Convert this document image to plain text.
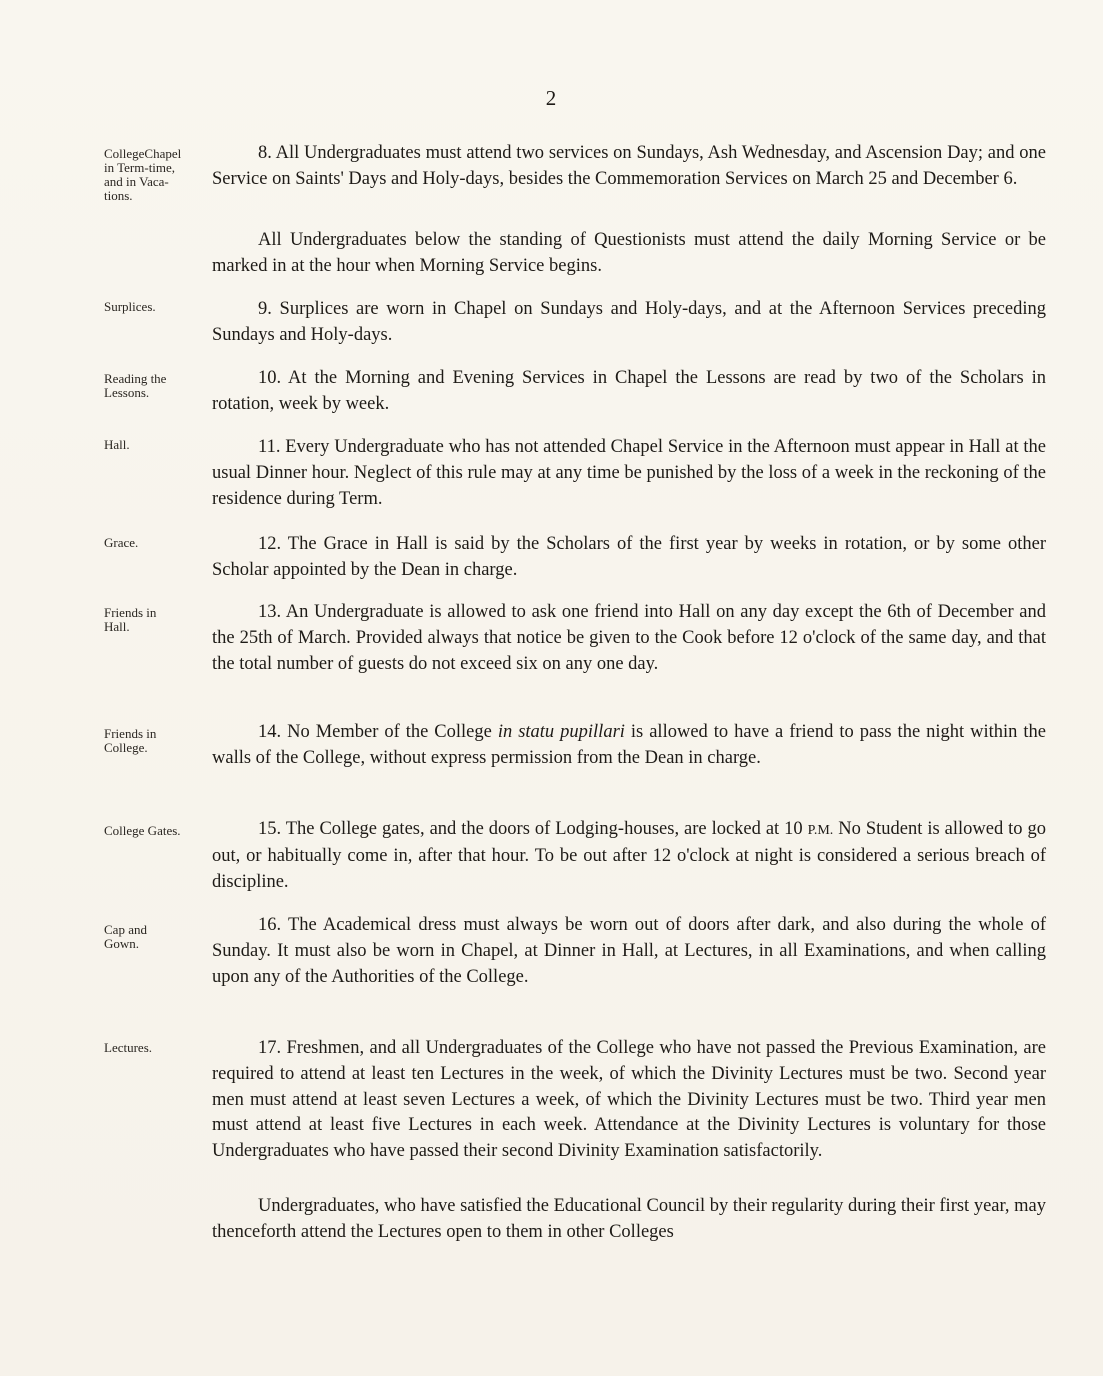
2
CollegeChapel
in Term-time,
and in Vaca-
tions.
8. All Undergraduates must attend two services on Sundays, Ash Wednesday, and Ascension Day; and one Service on Saints' Days and Holy-days, besides the Commemoration Services on March 25 and December 6.
All Undergraduates below the standing of Questionists must attend the daily Morning Service or be marked in at the hour when Morning Service begins.
Surplices.	9. Surplices are worn in Chapel on Sundays and Holy-days, and at the Afternoon Services preceding Sundays and Holy-days.
Reading the
Lessons.
10. At the Morning and Evening Services in Chapel the Lessons are read by two of the Scholars in rotation, week by week.
Hall.	11. Every Undergraduate who has not attended Chapel Service in the Afternoon must appear in Hall at the usual Dinner hour. Neglect of this rule may at any time be punished by the loss of a week in the reckoning of the residence during Term.
Grace.	12. The Grace in Hall is said by the Scholars of the first year by weeks in rotation, or by some other Scholar appointed by the Dean in charge.
Friends in
Hall.
13. An Undergraduate is allowed to ask one friend into Hall on any day except the 6th of December and the 25th of March. Provided always that notice be given to the Cook before 12 o'clock of the same day, and that the total number of guests do not exceed six on any one day.
Friends in
College.
14. No Member of the College in statu pupillari is allowed to have a friend to pass the night within the walls of the College, without express permission from the Dean in charge.
College Gates.	15. The College gates, and the doors of Lodging-houses, are locked at 10 P.M. No Student is allowed to go out, or habitually come in, after that hour. To be out after 12 o'clock at night is considered a serious breach of discipline.
Cap and
Gown.
16. The Academical dress must always be worn out of doors after dark, and also during the whole of Sunday. It must also be worn in Chapel, at Dinner in Hall, at Lectures, in all Examinations, and when calling upon any of the Authorities of the College.
Lectures.	17. Freshmen, and all Undergraduates of the College who have not passed the Previous Examination, are required to attend at least ten Lectures in the week, of which the Divinity Lectures must be two. Second year men must attend at least seven Lectures a week, of which the Divinity Lectures must be two. Third year men must attend at least five Lectures in each week. Attendance at the Divinity Lectures is voluntary for those Undergraduates who have passed their second Divinity Examination satisfactorily.
Undergraduates, who have satisfied the Educational Council by their regularity during their first year, may thenceforth attend the Lectures open to them in other Colleges
